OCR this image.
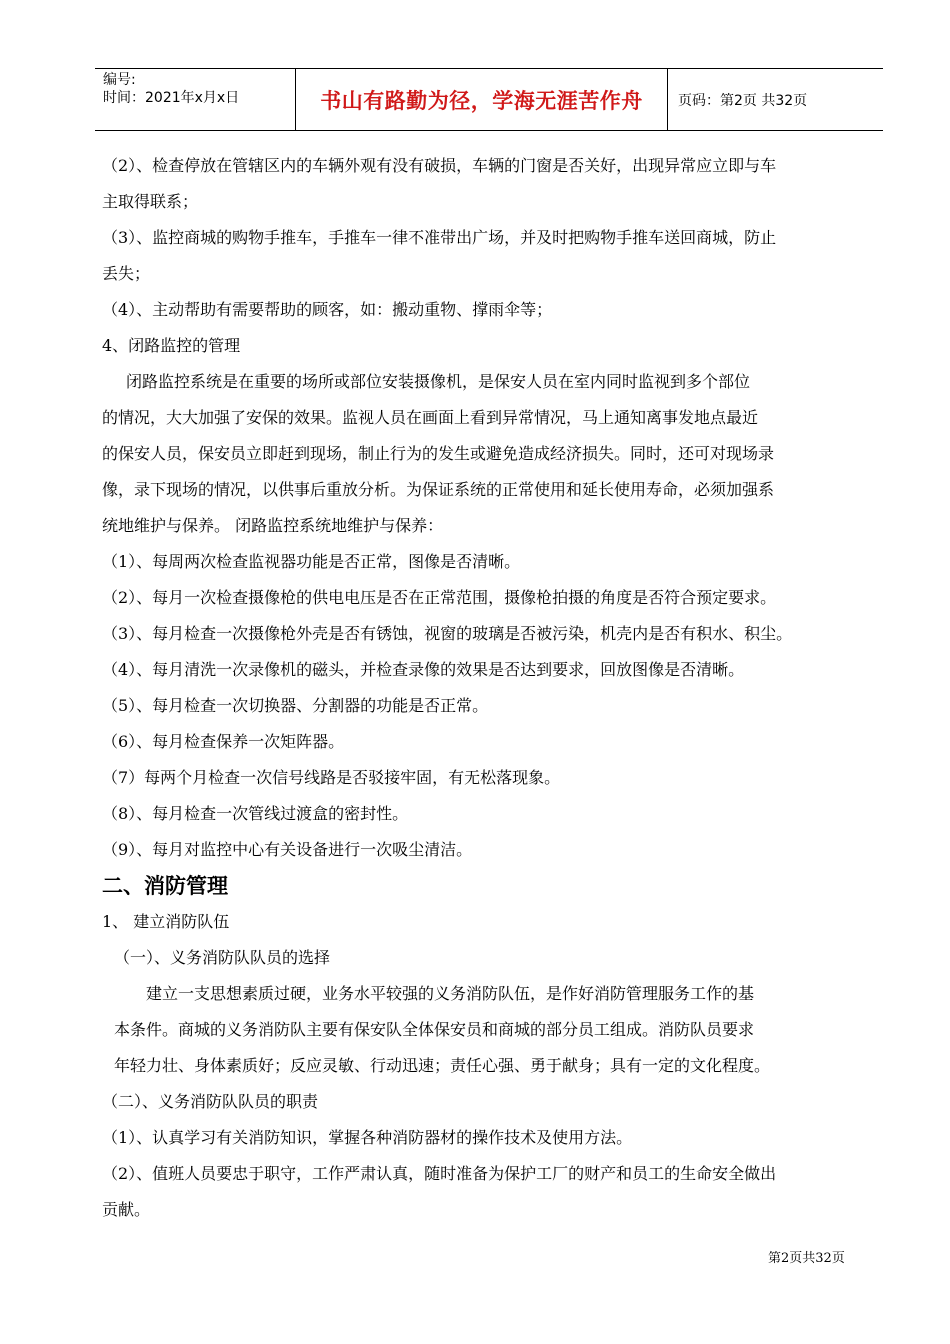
编号:
时间：2021年x月x日	书山有路勤为径，学海无涯苦作舟	页码：第2页 共32页
（2）、检查停放在管辖区内的车辆外观有没有破损，车辆的门窗是否关好，出现异常应立即与车
主取得联系；
（3）、监控商城的购物手推车，手推车一律不准带出广场，并及时把购物手推车送回商城，防止
丢失；
（4）、主动帮助有需要帮助的顾客，如：搬动重物、撑雨伞等；
4、闭路监控的管理
闭路监控系统是在重要的场所或部位安装摄像机，是保安人员在室内同时监视到多个部位
的情况，大大加强了安保的效果。监视人员在画面上看到异常情况，马上通知离事发地点最近
的保安人员，保安员立即赶到现场，制止行为的发生或避免造成经济损失。同时，还可对现场录
像，录下现场的情况，以供事后重放分析。为保证系统的正常使用和延长使用寿命，必须加强系
统地维护与保养。 闭路监控系统地维护与保养：
（1）、每周两次检查监视器功能是否正常，图像是否清晰。
（2）、每月一次检查摄像枪的供电电压是否在正常范围，摄像枪拍摄的角度是否符合预定要求。
（3）、每月检查一次摄像枪外壳是否有锈蚀，视窗的玻璃是否被污染，机壳内是否有积水、积尘。
（4）、每月清洗一次录像机的磁头，并检查录像的效果是否达到要求，回放图像是否清晰。
（5）、每月检查一次切换器、分割器的功能是否正常。
（6）、每月检查保养一次矩阵器。
（7）每两个月检查一次信号线路是否驳接牢固，有无松落现象。
（8）、每月检查一次管线过渡盒的密封性。
（9）、每月对监控中心有关设备进行一次吸尘清洁。
二、消防管理
1、 建立消防队伍
（一）、义务消防队队员的选择
建立一支思想素质过硬，业务水平较强的义务消防队伍，是作好消防管理服务工作的基
本条件。商城的义务消防队主要有保安队全体保安员和商城的部分员工组成。消防队员要求
年轻力壮、身体素质好；反应灵敏、行动迅速；责任心强、勇于献身；具有一定的文化程度。
（二）、义务消防队队员的职责
（1）、认真学习有关消防知识，掌握各种消防器材的操作技术及使用方法。
（2）、值班人员要忠于职守，工作严肃认真，随时准备为保护工厂的财产和员工的生命安全做出
贡献。
第2页共32页
